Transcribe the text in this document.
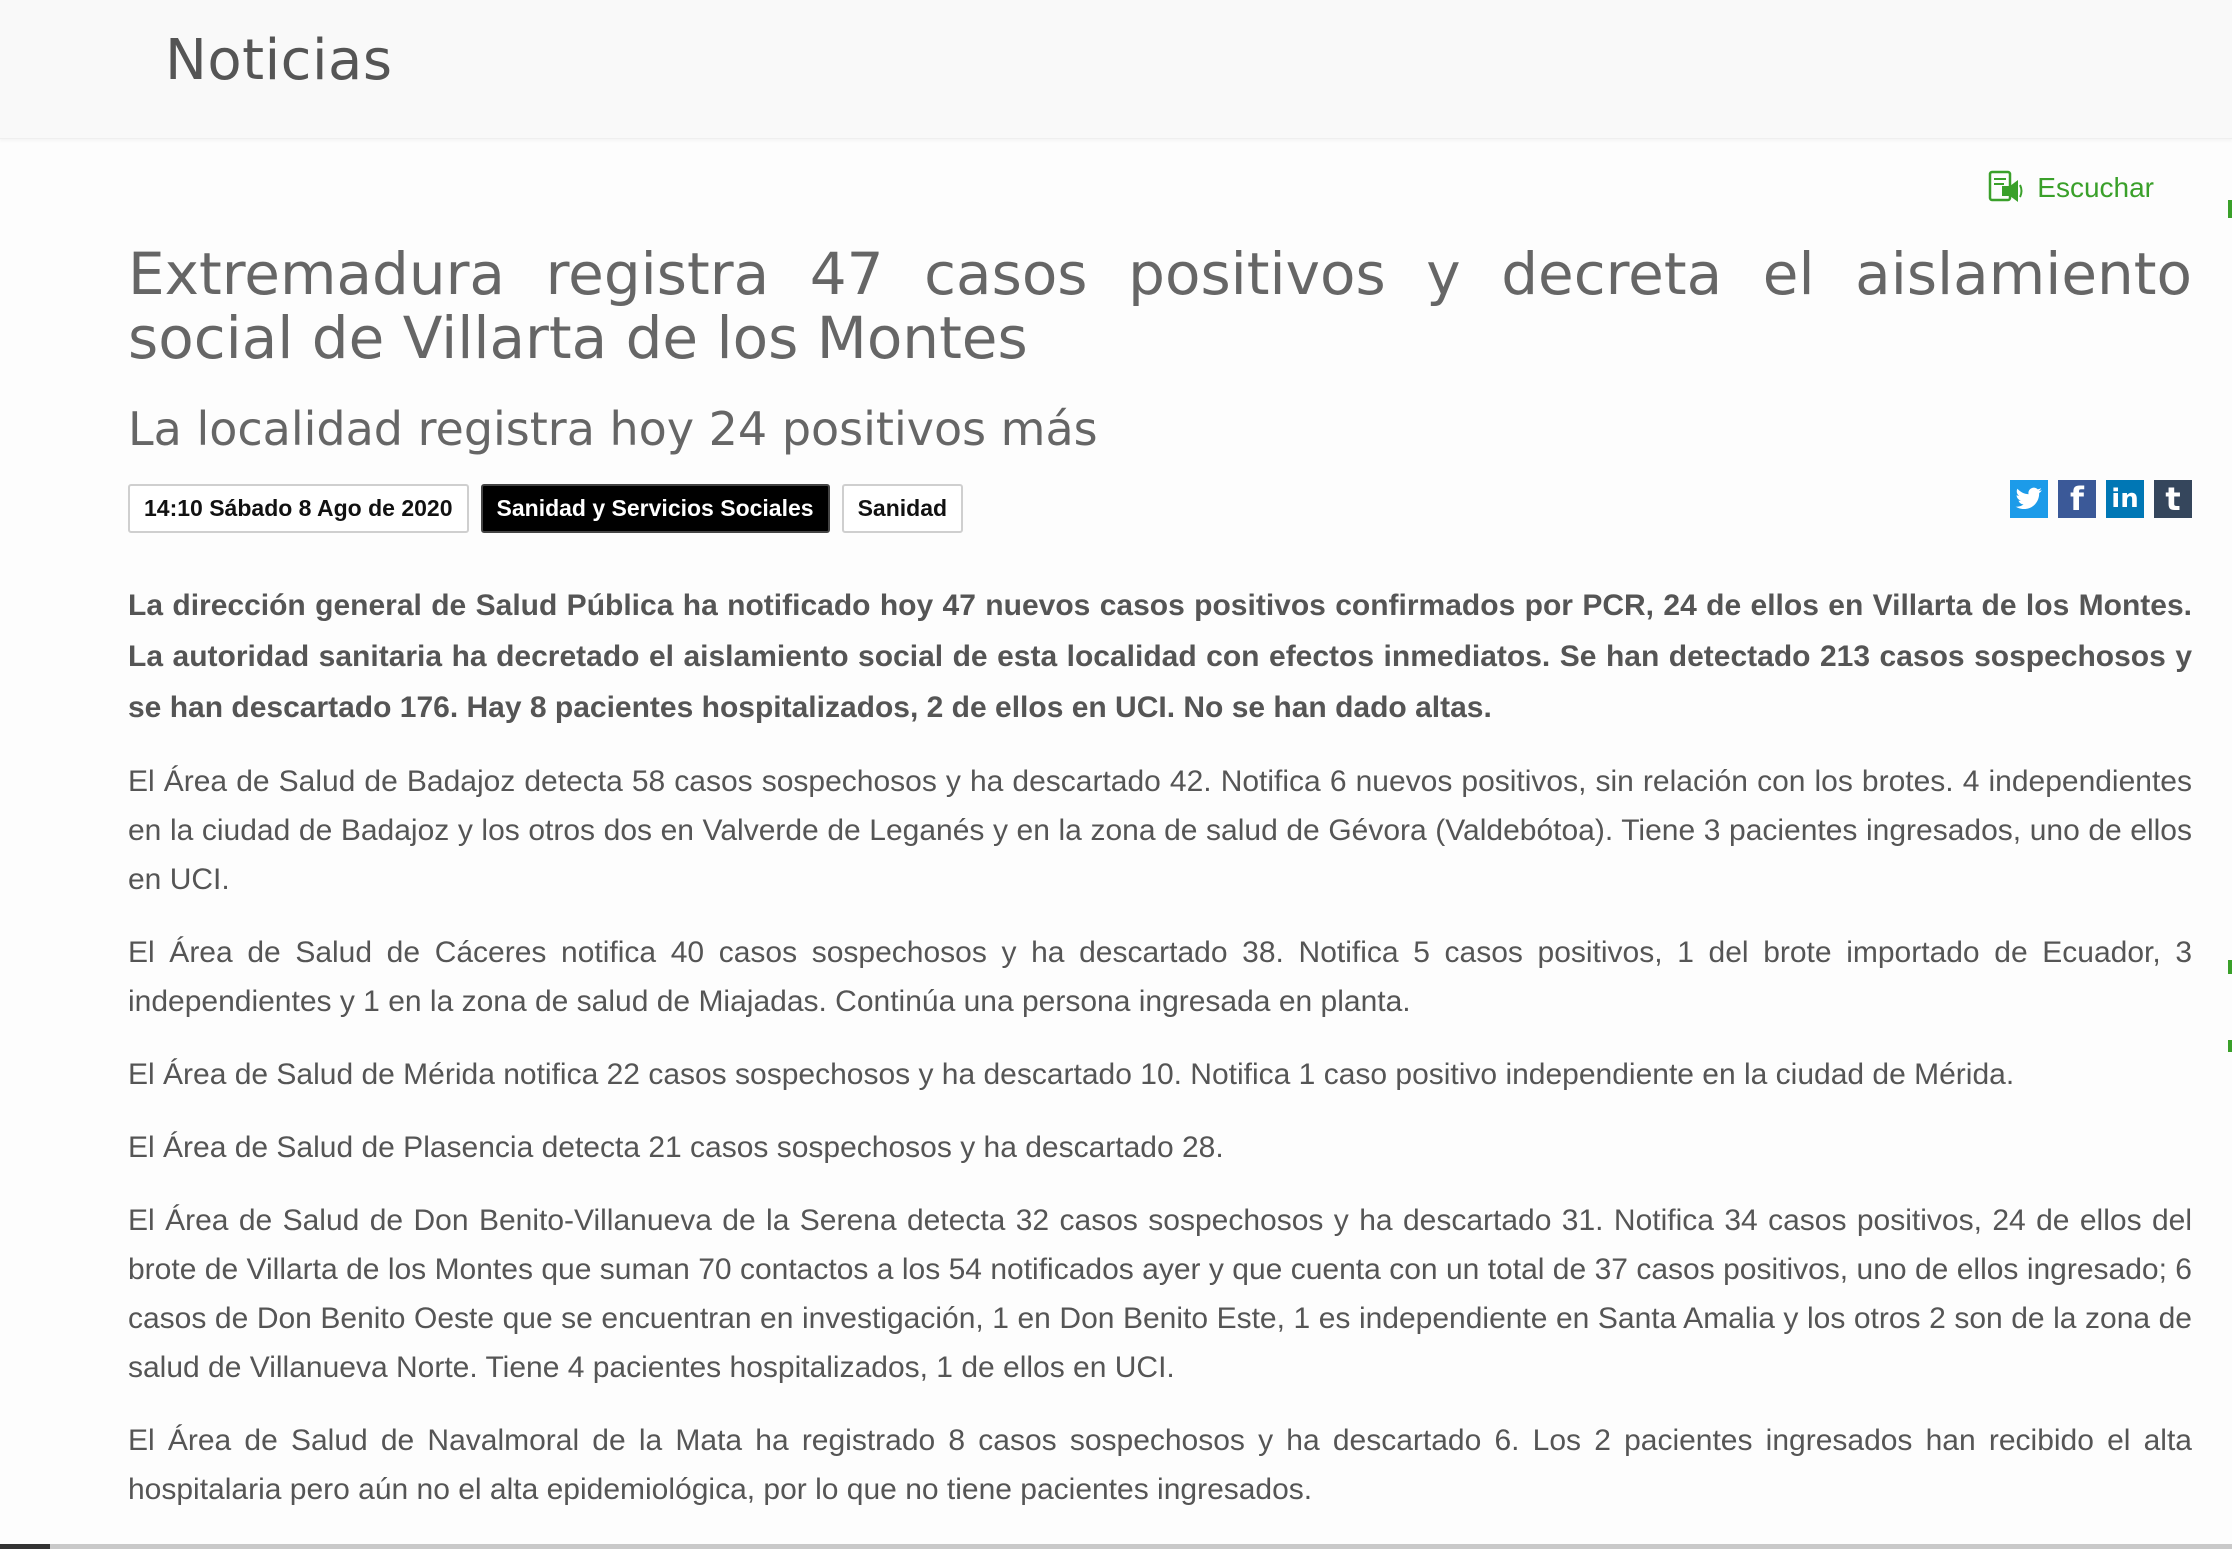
Noticias
Escuchar
Extremadura registra 47 casos positivos y decreta el aislamiento social de Villarta de los Montes
La localidad registra hoy 24 positivos más
14:10 Sábado 8 Ago de 2020	Sanidad y Servicios Sociales	Sanidad	f	in t

La dirección general de Salud Pública ha notificado hoy 47 nuevos casos positivos confirmados por PCR, 24 de ellos en Villarta de los Montes. La autoridad sanitaria ha decretado el aislamiento social de esta localidad con efectos inmediatos. Se han detectado 213 casos sospechosos y se han descartado 176. Hay 8 pacientes hospitalizados, 2 de ellos en UCI. No se han dado altas.

El Área de Salud de Badajoz detecta 58 casos sospechosos y ha descartado 42. Notifica 6 nuevos positivos, sin relación con los brotes. 4 independientes en la ciudad de Badajoz y los otros dos en Valverde de Leganés y en la zona de salud de Gévora (Valdebótoa). Tiene 3 pacientes ingresados, uno de ellos en UCI.

El Área de Salud de Cáceres notifica 40 casos sospechosos y ha descartado 38. Notifica 5 casos positivos, 1 del brote importado de Ecuador, 3 independientes y 1 en la zona de salud de Miajadas. Continúa una persona ingresada en planta.

El Área de Salud de Mérida notifica 22 casos sospechosos y ha descartado 10. Notifica 1 caso positivo independiente en la ciudad de Mérida.

El Área de Salud de Plasencia detecta 21 casos sospechosos y ha descartado 28.

El Área de Salud de Don Benito-Villanueva de la Serena detecta 32 casos sospechosos y ha descartado 31. Notifica 34 casos positivos, 24 de ellos del brote de Villarta de los Montes que suman 70 contactos a los 54 notificados ayer y que cuenta con un total de 37 casos positivos, uno de ellos ingresado; 6 casos de Don Benito Oeste que se encuentran en investigación, 1 en Don Benito Este, 1 es independiente en Santa Amalia y los otros 2 son de la zona de salud de Villanueva Norte. Tiene 4 pacientes hospitalizados, 1 de ellos en UCI.

El Área de Salud de Navalmoral de la Mata ha registrado 8 casos sospechosos y ha descartado 6. Los 2 pacientes ingresados han recibido el alta hospitalaria pero aún no el alta epidemiológica, por lo que no tiene pacientes ingresados.
